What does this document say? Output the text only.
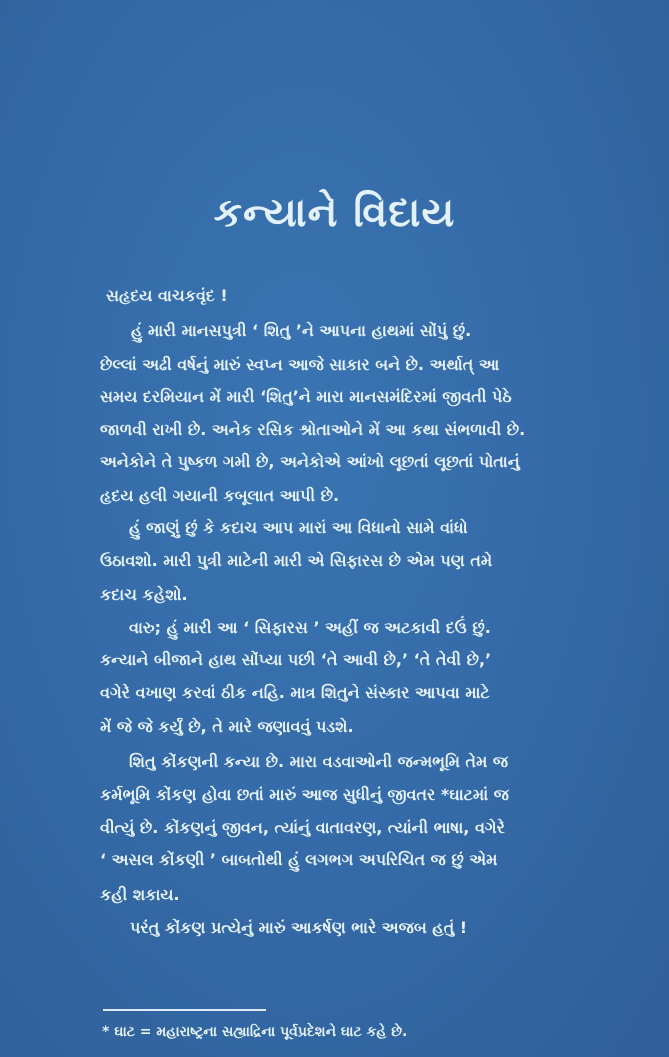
કન્યાને વિદાય
સહૃદય વાચકવૃંદ !
હું મારી માનસપુત્રી ‘ શિતુ ’ને આપના હાથમાં સોંપું છું.
છેલ્લાં અઢી વર્ષનું મારું સ્વપ્ન આજે સાકાર બને છે. અર્થાત્ આ
સમય દરમિયાન મેં મારી ‘શિતુ’ને મારા માનસમંદિરમાં જીવતી પેઠે
જાળવી રાખી છે. અનેક રસિક શ્રોતાઓને મેં આ કથા સંભળાવી છે.
અનેકોને તે પુષ્કળ ગમી છે, અનેકોએ આંખો લૂછતાં લૂછતાં પોતાનું
હૃદય હલી ગયાની કબૂલાત આપી છે.
હું જાણું છું કે કદાચ આપ મારાં આ વિધાનો સામે વાંધો
ઉઠાવશો. મારી પુત્રી માટેની મારી એ સિફારસ છે એમ પણ તમે
કદાચ કહેશો.
વારુ; હું મારી આ ‘ સિફારસ ’ અહીં જ અટકાવી દઉં છું.
કન્યાને બીજાને હાથ સોંપ્યા પછી ‘તે આવી છે,’ ‘તે તેવી છે,’
વગેરે વખાણ કરવાં ઠીક નહિ. માત્ર શિતુને સંસ્કાર આપવા માટે
મેં જે જે કર્યું છે, તે મારે જણાવવું પડશે.
શિતુ કોંકણની કન્યા છે. મારા વડવાઓની જન્મભૂમિ તેમ જ
કર્મભૂમિ કોંકણ હોવા છતાં મારું આજ સુધીનું જીવતર *ઘાટમાં જ
વીત્યું છે. કોંકણનું જીવન, ત્યાંનું વાતાવરણ, ત્યાંની ભાષા, વગેરે
‘ અસલ કોંકણી ’ બાબતોથી હું લગભગ અપરિચિત જ છું એમ
કહી શકાય.
પરંતુ કોંકણ પ્રત્યેનું મારું આકર્ષણ ભારે અજબ હતું !
* ઘાટ = મહારાષ્ટ્રના સહ્યાદ્રિના પૂર્વપ્રદેશને ઘાટ કહે છે.
